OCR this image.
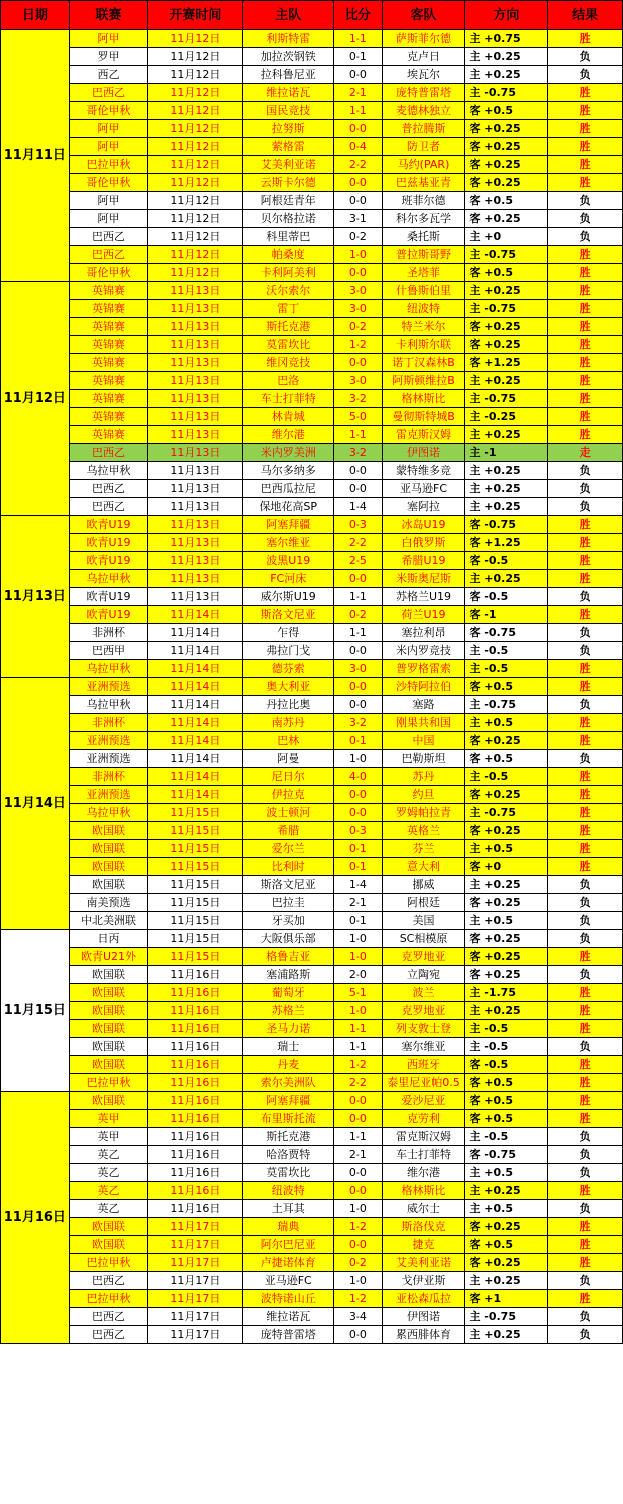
日期	联赛	开赛时间	主队	比分	客队	方向	结果
11月11日	阿甲	11月12日	利斯特雷	1-1	萨斯菲尔德	主 +0.75	胜
	罗甲	11月12日	加拉茨钢铁	0-1	克卢日	主 +0.25	负
	西乙	11月12日	拉科鲁尼亚	0-0	埃瓦尔	主 +0.25	负
	巴西乙	11月12日	维拉诺瓦	2-1	庞特普雷塔	主 -0.75	胜
	哥伦甲秋	11月12日	国民竞技	1-1	麦德林独立	客 +0.5	胜
	阿甲	11月12日	拉努斯	0-0	普拉腾斯	客 +0.25	胜
	阿甲	11月12日	萦格雷	0-4	防卫者	客 +0.25	胜
	巴拉甲秋	11月12日	艾美利亚诺	2-2	马约(PAR)	客 +0.25	胜
	哥伦甲秋	11月12日	云斯卡尔德	0-0	巴兹基亚青	客 +0.25	胜
	阿甲	11月12日	阿根廷青年	0-0	班菲尔德	客 +0.5	负
	阿甲	11月12日	贝尔格拉诺	3-1	科尔多瓦学	客 +0.25	负
	巴西乙	11月12日	科里蒂巴	0-2	桑托斯	主 +0	负
	巴西乙	11月12日	帕桑度	1-0	普拉斯哥野	主 -0.75	胜
	哥伦甲秋	11月12日	卡利阿美利	0-0	圣塔菲	客 +0.5	胜
11月12日	英锦赛	11月13日	沃尔索尔	3-0	什鲁斯伯里	主 +0.25	胜
	英锦赛	11月13日	雷丁	3-0	纽波特	主 -0.75	胜
	英锦赛	11月13日	斯托克港	0-2	特兰米尔	客 +0.25	胜
	英锦赛	11月13日	莫雷坎比	1-2	卡利斯尔联	客 +0.25	胜
	英锦赛	11月13日	维冈竞技	0-0	诺丁汉森林B	客 +1.25	胜
	英锦赛	11月13日	巴洛	3-0	阿斯顿维拉B	主 +0.25	胜
	英锦赛	11月13日	车士打菲特	3-2	格林斯比	主 -0.75	胜
	英锦赛	11月13日	林肯城	5-0	曼彻斯特城B	主 -0.25	胜
	英锦赛	11月13日	维尔港	1-1	雷克斯汉姆	主 +0.25	胜
	巴西乙	11月13日	米内罗美洲	3-2	伊图诺	主 -1	走
	乌拉甲秋	11月13日	马尔多纳多	0-0	蒙特维多竞	主 +0.25	负
	巴西乙	11月13日	巴西瓜拉尼	0-0	亚马逊FC	主 +0.25	负
	巴西乙	11月13日	保地花高SP	1-4	塞阿拉	主 +0.25	负
11月13日	欧青U19	11月13日	阿塞拜疆	0-3	冰岛U19	客 -0.75	胜
	欧青U19	11月13日	塞尔维亚	2-2	白俄罗斯	客 +1.25	胜
	欧青U19	11月13日	波黑U19	2-5	希腊U19	客 -0.5	胜
	乌拉甲秋	11月13日	FC河床	0-0	米斯奥尼斯	主 +0.25	胜
	欧青U19	11月13日	威尔斯U19	1-1	苏格兰U19	客 -0.5	负
	欧青U19	11月14日	斯洛文尼亚	0-2	荷兰U19	客 -1	胜
	非洲杯	11月14日	乍得	1-1	塞拉利昂	客 -0.75	负
	巴西甲	11月14日	弗拉门戈	0-0	米内罗竞技	主 -0.5	负
	乌拉甲秋	11月14日	德芬索	3-0	普罗格雷索	主 -0.5	胜
11月14日	亚洲预选	11月14日	奥大利亚	0-0	沙特阿拉伯	客 +0.5	胜
	乌拉甲秋	11月14日	丹拉比奥	0-0	塞路	主 -0.75	负
	非洲杯	11月14日	南苏丹	3-2	刚果共和国	主 +0.5	胜
	亚洲预选	11月14日	巴林	0-1	中国	客 +0.25	胜
	亚洲预选	11月14日	阿曼	1-0	巴勒斯坦	客 +0.5	负
	非洲杯	11月14日	尼日尔	4-0	苏丹	主 -0.5	胜
	亚洲预选	11月14日	伊拉克	0-0	约旦	客 +0.25	胜
	乌拉甲秋	11月15日	波士顿河	0-0	罗姆帕拉青	主 -0.75	胜
	欧国联	11月15日	希腊	0-3	英格兰	客 +0.25	胜
	欧国联	11月15日	爱尔兰	0-1	芬兰	主 +0.5	胜
	欧国联	11月15日	比利时	0-1	意大利	客 +0	胜
	欧国联	11月15日	斯洛文尼亚	1-4	挪威	主 +0.25	负
	南美预选	11月15日	巴拉圭	2-1	阿根廷	客 +0.25	负
	中北美洲联	11月15日	牙买加	0-1	美国	主 +0.5	负
11月15日	日丙	11月15日	大阪俱乐部	1-0	SC相模原	客 +0.25	负
	欧青U21外	11月15日	格鲁吉亚	1-0	克罗地亚	客 +0.25	胜
	欧国联	11月16日	塞浦路斯	2-0	立陶宛	客 +0.25	负
	欧国联	11月16日	葡萄牙	5-1	波兰	主 -1.75	胜
	欧国联	11月16日	苏格兰	1-0	克罗地亚	主 +0.25	胜
	欧国联	11月16日	圣马力诺	1-1	列支敦士登	主 -0.5	胜
	欧国联	11月16日	瑞士	1-1	塞尔维亚	主 -0.5	负
	欧国联	11月16日	丹麦	1-2	西班牙	客 -0.5	胜
	巴拉甲秋	11月16日	索尔美洲队	2-2	泰里尼亚帕0.5	客 +0.5	胜
11月16日	欧国联	11月16日	阿塞拜疆	0-0	爱沙尼亚	客 +0.5	胜
	英甲	11月16日	布里斯托流	0-0	克劳利	客 +0.5	胜
	英甲	11月16日	斯托克港	1-1	雷克斯汉姆	主 -0.5	负
	英乙	11月16日	哈洛贾特	2-1	车士打菲特	客 -0.75	负
	英乙	11月16日	莫雷坎比	0-0	维尔港	主 +0.5	负
	英乙	11月16日	纽波特	0-0	格林斯比	主 +0.25	胜
	英乙	11月16日	土耳其	1-0	威尔士	主 +0.5	负
	欧国联	11月17日	瑞典	1-2	斯洛伐克	客 +0.25	胜
	欧国联	11月17日	阿尔巴尼亚	0-0	捷克	客 +0.5	胜
	巴拉甲秋	11月17日	卢捷诺体育	0-2	艾美利亚诺	客 +0.25	胜
	巴西乙	11月17日	亚马逊FC	1-0	戈伊亚斯	主 +0.25	负
	巴拉甲秋	11月17日	波特诺山丘	1-2	亚松森瓜拉	客 +1	胜
	巴西乙	11月17日	维拉诺瓦	3-4	伊图诺	主 -0.75	负
	巴西乙	11月17日	庞特普雷塔	0-0	累西腓体育	主 +0.25	负
